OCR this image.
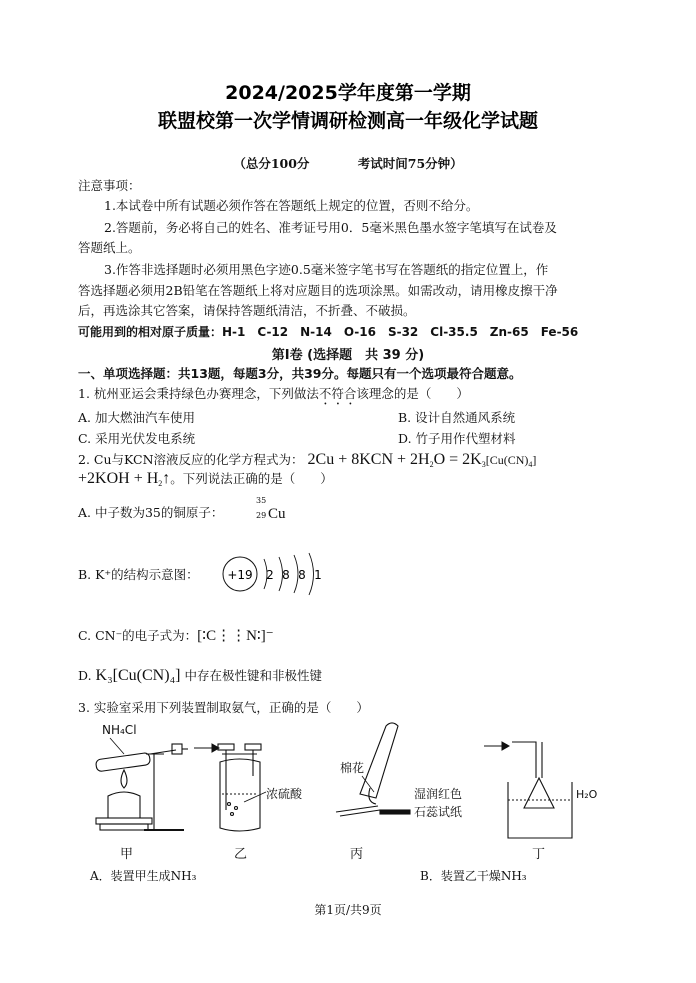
2024/2025学年度第一学期
联盟校第一次学情调研检测高一年级化学试题
（总分100分	考试时间75分钟）
注意事项：
1.本试卷中所有试题必须作答在答题纸上规定的位置，否则不给分。
2.答题前，务必将自己的姓名、准考证号用0．5毫米黑色墨水签字笔填写在试卷及
答题纸上。
3.作答非选择题时必须用黑色字迹0.5毫米签字笔书写在答题纸的指定位置上，作
答选择题必须用2B铅笔在答题纸上将对应题目的选项涂黑。如需改动，请用橡皮擦干净
后，再选涂其它答案，请保持答题纸清洁，不折叠、不破损。
可能用到的相对原子质量：H-1　C-12　N-14　O-16　S-32　Cl-35.5　Zn-65　Fe-56
第Ⅰ卷 (选择题　共 39 分)
一、单项选择题：共13题，每题3分，共39分。每题只有一个选项最符合题意。
1. 杭州亚运会秉持绿色办赛理念，下列做法不符合该理念的是（　　）
A. 加大燃油汽车使用	B. 设计自然通风系统
C. 采用光伏发电系统	D. 竹子用作代塑材料
2. Cu与KCN溶液反应的化学方程式为： $2Cu + 8KCN + 2H_2O = 2K_3[Cu(CN)_4]$
$+2KOH + H_2↑$。下列说法正确的是（　　）
A. 中子数为35的铜原子：
35
29 Cu
B. K⁺的结构示意图： +19 2 8 8 1
C. CN⁻的电子式为：[∶C⋮⋮N∶]⁻
D. K₃[Cu(CN)₄] 中存在极性键和非极性键
3. 实验室采用下列装置制取氨气，正确的是（　　）
NH₄Cl
浓硫酸
棉花
湿润红色
石蕊试纸
H₂O
甲	乙	丙	丁
A．装置甲生成NH₃	B．装置乙干燥NH₃
第1页/共9页
